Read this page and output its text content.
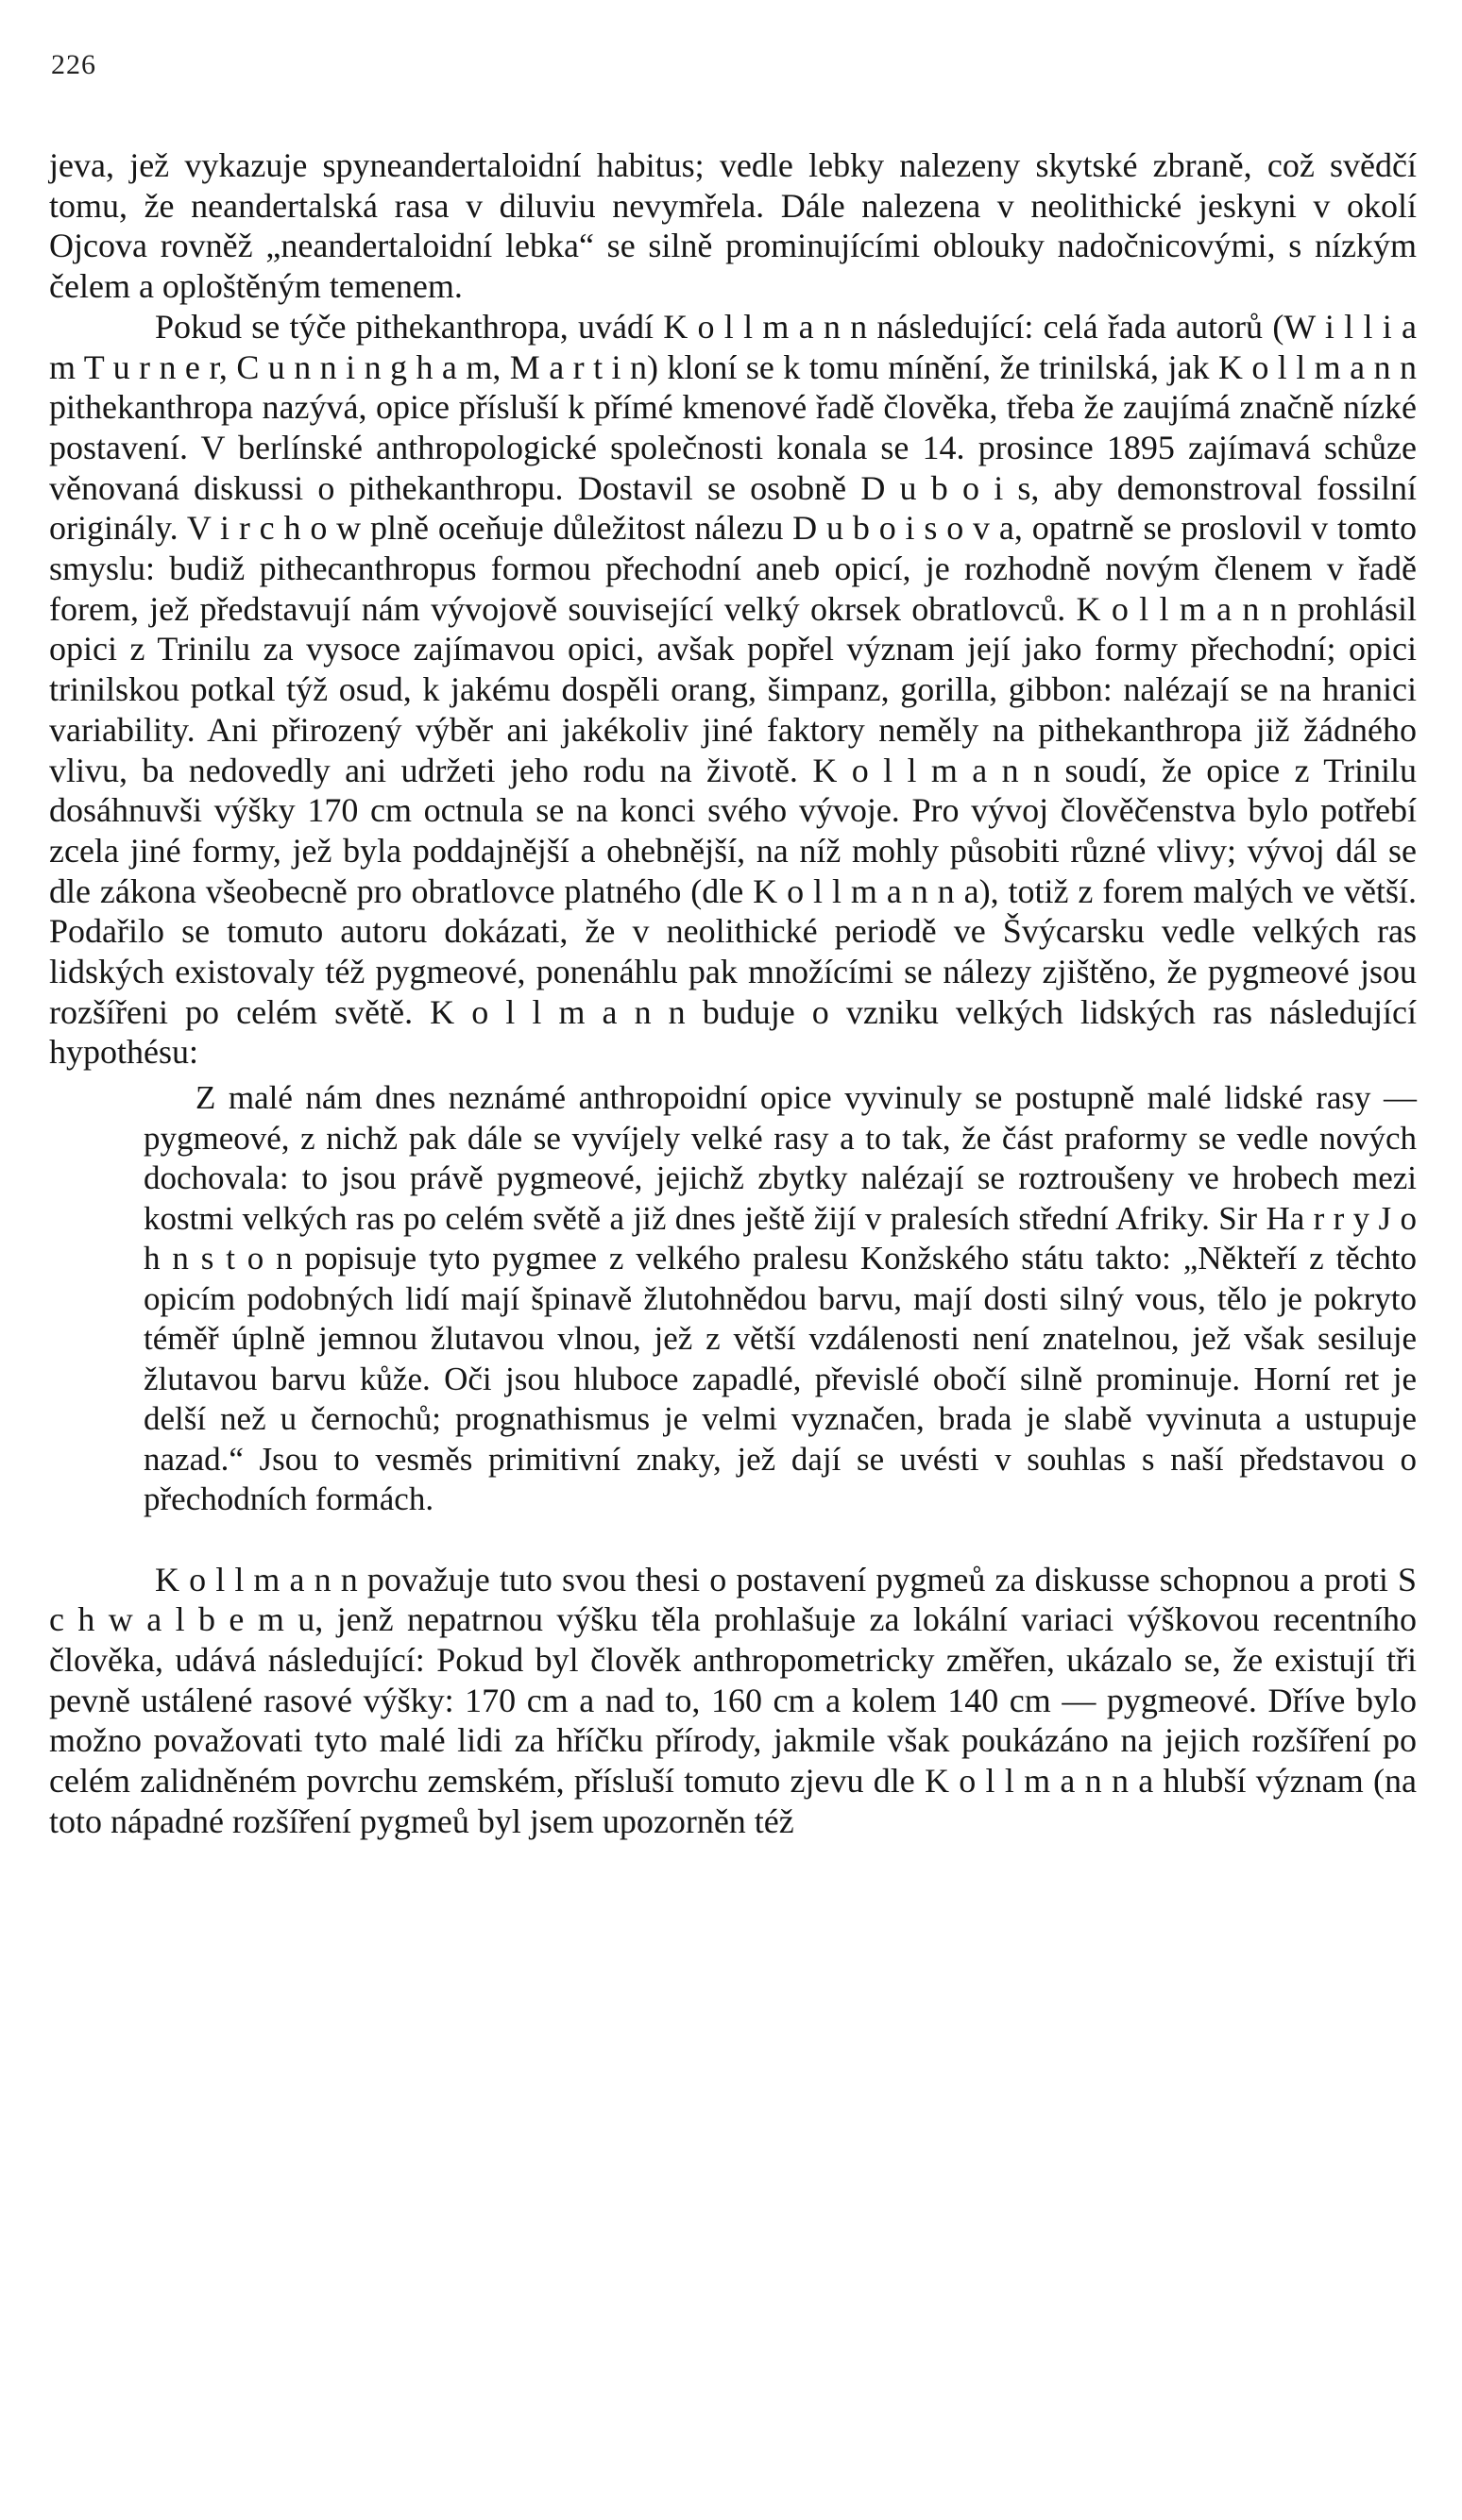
226

jeva, jež vykazuje spyneandertaloidní habitus; vedle lebky nalezeny skytské zbraně, což svědčí tomu, že neandertalská rasa v diluviu nevymřela. Dále nalezena v neolithické jeskyni v okolí Ojcova rovněž „neandertaloidní lebka“ se silně prominujícími oblouky nadočnicovými, s nízkým čelem a oploštěným temenem.

Pokud se týče pithekanthropa, uvádí K o l l m a n n následující: celá řada autorů (W i l l i a m T u r n e r, C u n n i n g h a m, M a r t i n) kloní se k tomu mínění, že trinilská, jak K o l l m a n n pithekanthropa nazývá, opice přísluší k přímé kmenové řadě člověka, třeba že zaujímá značně nízké postavení. V berlínské anthropologické společnosti konala se 14. prosince 1895 zajímavá schůze věnovaná diskussi o pithekanthropu. Dostavil se osobně D u b o i s, aby demonstroval fossilní originály. V i r c h o w plně oceňuje důležitost nálezu D u b o i s o v a, opatrně se proslovil v tomto smyslu: budiž pithecanthropus formou přechodní aneb opicí, je rozhodně novým členem v řadě forem, jež představují nám vývojově související velký okrsek obratlovců. K o l l m a n n prohlásil opici z Trinilu za vysoce zajímavou opici, avšak popřel význam její jako formy přechodní; opici trinilskou potkal týž osud, k jakému dospěli orang, šimpanz, gorilla, gibbon: nalézají se na hranici variability. Ani přirozený výběr ani jakékoliv jiné faktory neměly na pithekanthropa již žádného vlivu, ba nedovedly ani udržeti jeho rodu na životě. K o l l m a n n soudí, že opice z Trinilu dosáhnuvši výšky 170 cm octnula se na konci svého vývoje. Pro vývoj člověčenstva bylo potřebí zcela jiné formy, jež byla poddajnější a ohebnější, na níž mohly působiti různé vlivy; vývoj dál se dle zákona všeobecně pro obratlovce platného (dle K o l l m a n n a), totiž z forem malých ve větší. Podařilo se tomuto autoru dokázati, že v neolithické periodě ve Švýcarsku vedle velkých ras lidských existovaly též pygmeové, ponenáhlu pak množícími se nálezy zjištěno, že pygmeové jsou rozšířeni po celém světě. K o l l m a n n buduje o vzniku velkých lidských ras následující hypothésu:

Z malé nám dnes neznámé anthropoidní opice vyvinuly se postupně malé lidské rasy — pygmeové, z nichž pak dále se vyvíjely velké rasy a to tak, že část praformy se vedle nových dochovala: to jsou právě pygmeové, jejichž zbytky nalézají se roztroušeny ve hrobech mezi kostmi velkých ras po celém světě a již dnes ještě žijí v pralesích střední Afriky. Sir Ha r r y J o h n s t o n popisuje tyto pygmee z velkého pralesu Konžského státu takto: „Někteří z těchto opicím podobných lidí mají špinavě žlutohnědou barvu, mají dosti silný vous, tělo je pokryto téměř úplně jemnou žlutavou vlnou, jež z větší vzdálenosti není znatelnou, jež však sesiluje žlutavou barvu kůže. Oči jsou hluboce zapadlé, převislé obočí silně prominuje. Horní ret je delší než u černochů; prognathismus je velmi vyznačen, brada je slabě vyvinuta a ustupuje nazad.“ Jsou to vesměs primitivní znaky, jež dají se uvésti v souhlas s naší představou o přechodních formách.

K o l l m a n n považuje tuto svou thesi o postavení pygmeů za diskusse schopnou a proti S c h w a l b e m u, jenž nepatrnou výšku těla prohlašuje za lokální variaci výškovou recentního člověka, udává následující: Pokud byl člověk anthropometricky změřen, ukázalo se, že existují tři pevně ustálené rasové výšky: 170 cm a nad to, 160 cm a kolem 140 cm — pygmeové. Dříve bylo možno považovati tyto malé lidi za hříčku přírody, jakmile však poukázáno na jejich rozšíření po celém zalidněném povrchu zemském, přísluší tomuto zjevu dle K o l l m a n n a hlubší význam (na toto nápadné rozšíření pygmeů byl jsem upozorněn též
